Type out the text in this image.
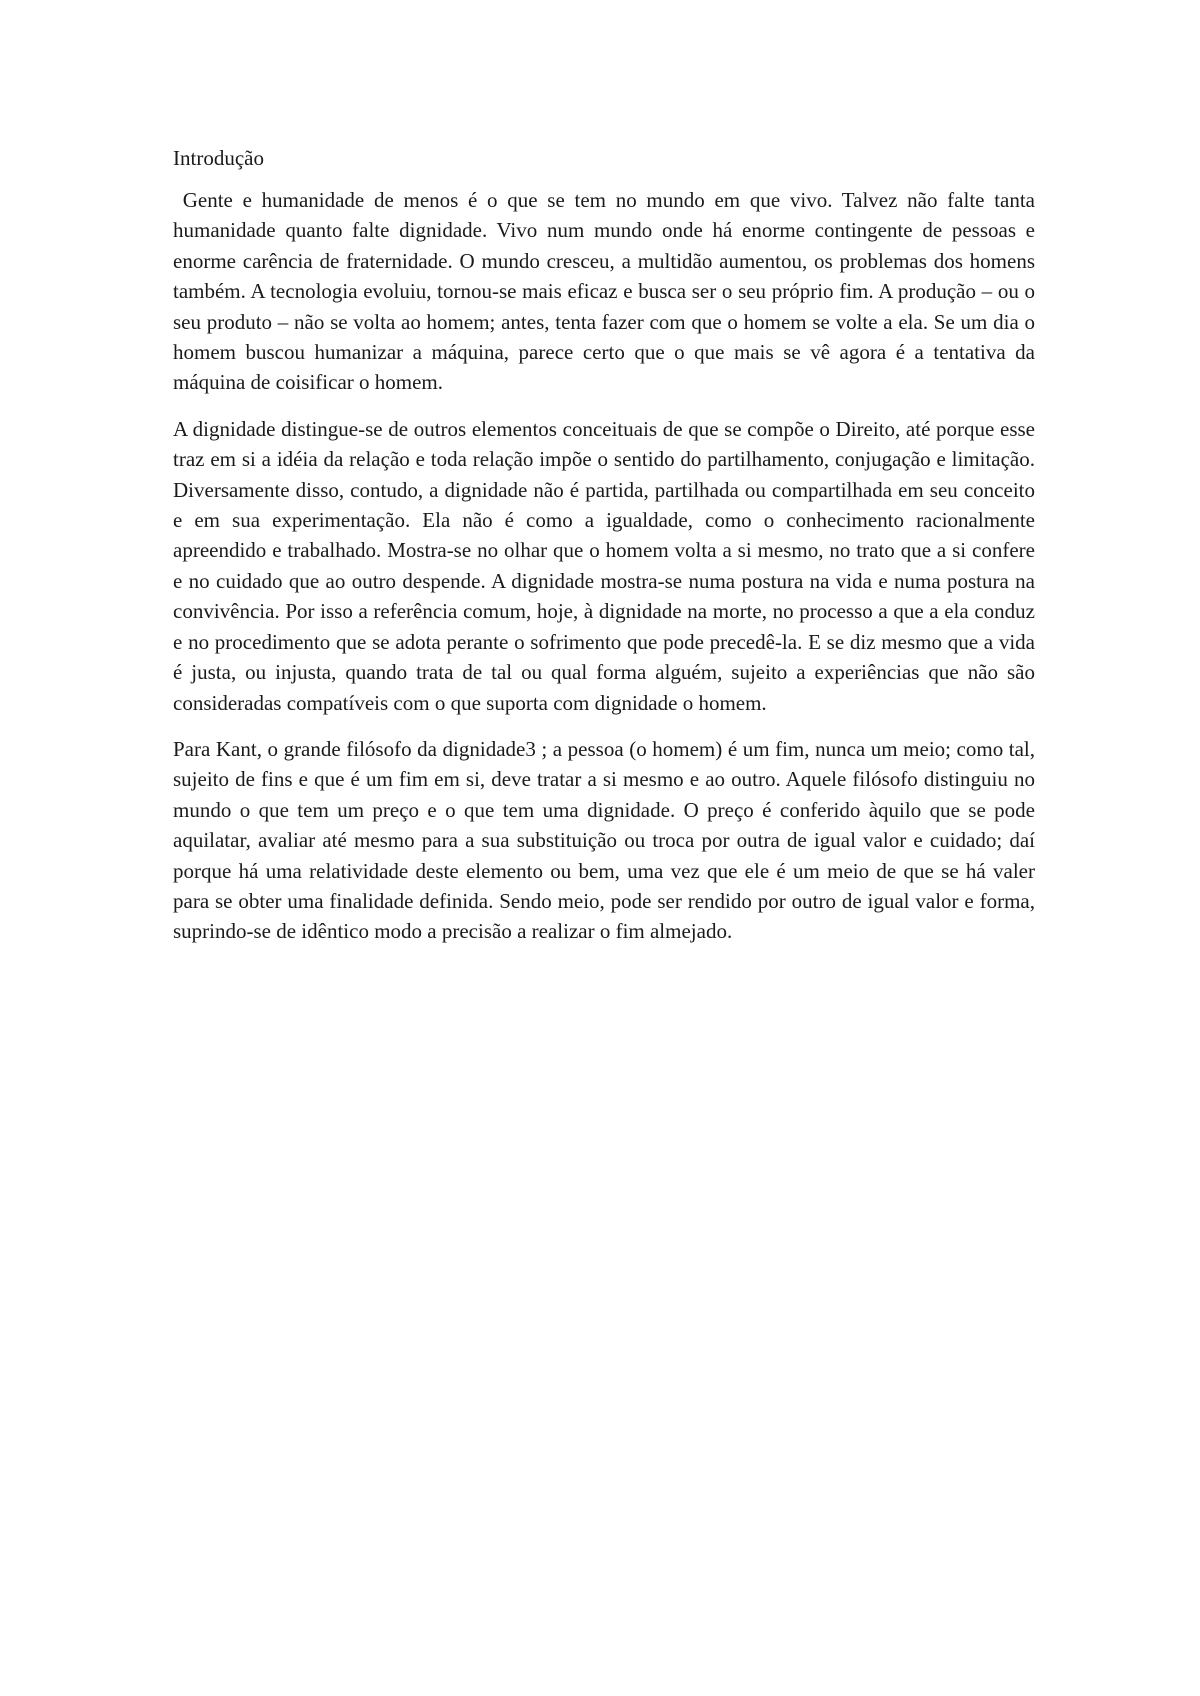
Introdução

Gente e humanidade de menos é o que se tem no mundo em que vivo. Talvez não falte tanta humanidade quanto falte dignidade. Vivo num mundo onde há enorme contingente de pessoas e enorme carência de fraternidade. O mundo cresceu, a multidão aumentou, os problemas dos homens também. A tecnologia evoluiu, tornou-se mais eficaz e busca ser o seu próprio fim. A produção – ou o seu produto – não se volta ao homem; antes, tenta fazer com que o homem se volte a ela. Se um dia o homem buscou humanizar a máquina, parece certo que o que mais se vê agora é a tentativa da máquina de coisificar o homem.

A dignidade distingue-se de outros elementos conceituais de que se compõe o Direito, até porque esse traz em si a idéia da relação e toda relação impõe o sentido do partilhamento, conjugação e limitação. Diversamente disso, contudo, a dignidade não é partida, partilhada ou compartilhada em seu conceito e em sua experimentação. Ela não é como a igualdade, como o conhecimento racionalmente apreendido e trabalhado. Mostra-se no olhar que o homem volta a si mesmo, no trato que a si confere e no cuidado que ao outro despende. A dignidade mostra-se numa postura na vida e numa postura na convivência. Por isso a referência comum, hoje, à dignidade na morte, no processo a que a ela conduz e no procedimento que se adota perante o sofrimento que pode precedê-la. E se diz mesmo que a vida é justa, ou injusta, quando trata de tal ou qual forma alguém, sujeito a experiências que não são consideradas compatíveis com o que suporta com dignidade o homem.

Para Kant, o grande filósofo da dignidade3 ; a pessoa (o homem) é um fim, nunca um meio; como tal, sujeito de fins e que é um fim em si, deve tratar a si mesmo e ao outro. Aquele filósofo distinguiu no mundo o que tem um preço e o que tem uma dignidade. O preço é conferido àquilo que se pode aquilatar, avaliar até mesmo para a sua substituição ou troca por outra de igual valor e cuidado; daí porque há uma relatividade deste elemento ou bem, uma vez que ele é um meio de que se há valer para se obter uma finalidade definida. Sendo meio, pode ser rendido por outro de igual valor e forma, suprindo-se de idêntico modo a precisão a realizar o fim almejado.
